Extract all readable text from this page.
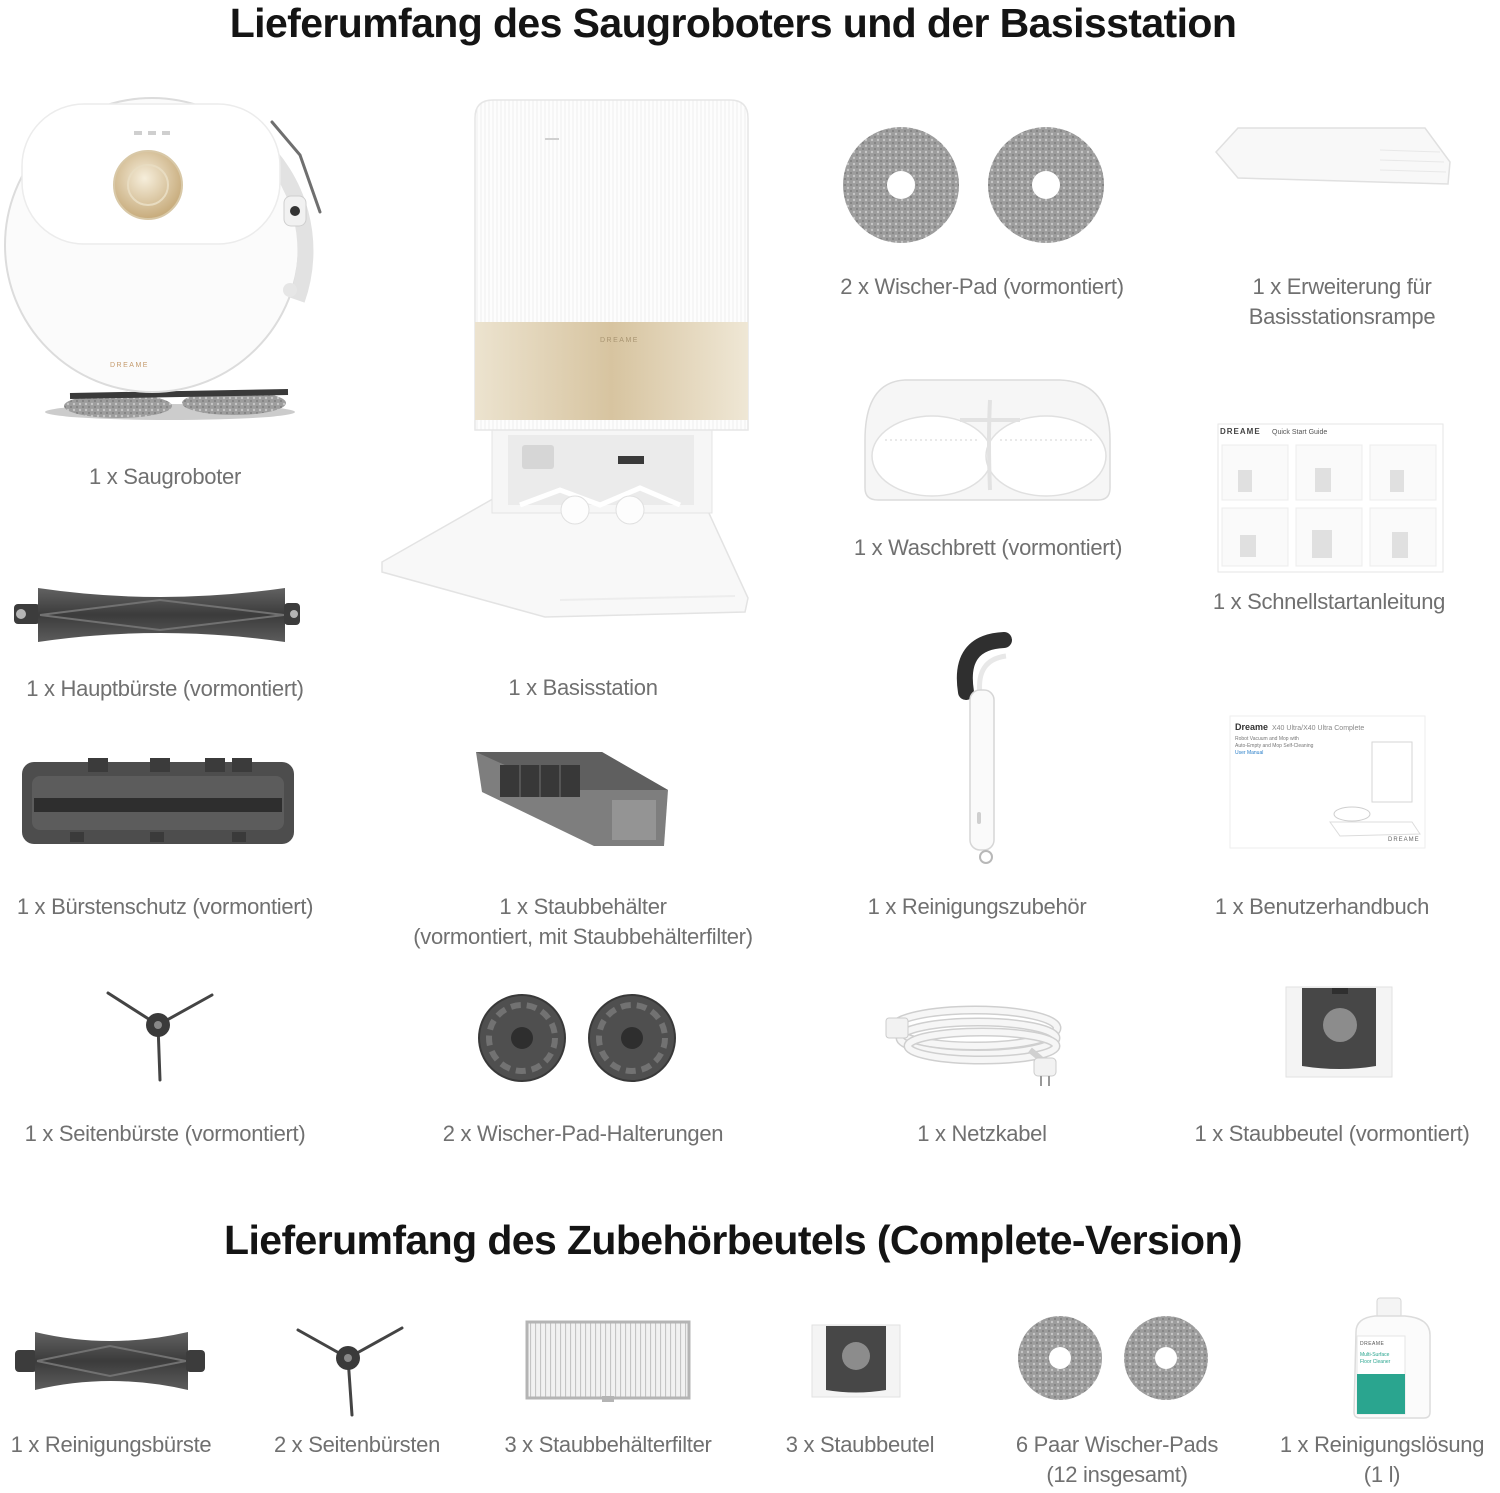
DREAME
DREAME
DREAME Quick Start Guide
Dreame X40 Ultra/X40 Ultra Complete
Robot Vacuum and Mop with
Auto-Empty and Mop Self-Cleaning
User Manual
DREAME
DREAME
Multi-Surface
Floor Cleaner
Lieferumfang des Saugroboters und der Basisstation
Lieferumfang des Zubehörbeutels (Complete-Version)
1 x Saugroboter
1 x Basisstation
2 x Wischer-Pad (vormontiert)	1 x Erweiterung für
Basisstationsrampe
1 x Waschbrett (vormontiert)
1 x Schnellstartanleitung
1 x Hauptbürste (vormontiert)
1 x Bürstenschutz (vormontiert)	1 x Staubbehälter
(vormontiert, mit Staubbehälterfilter)
1 x Reinigungszubehör	1 x Benutzerhandbuch
1 x Seitenbürste (vormontiert)	2 x Wischer-Pad-Halterungen	1 x Netzkabel	1 x Staubbeutel (vormontiert)
1 x Reinigungsbürste	2 x Seitenbürsten	3 x Staubbehälterfilter	3 x Staubbeutel	6 Paar Wischer-Pads
(12 insgesamt)
1 x Reinigungslösung
(1 l)
